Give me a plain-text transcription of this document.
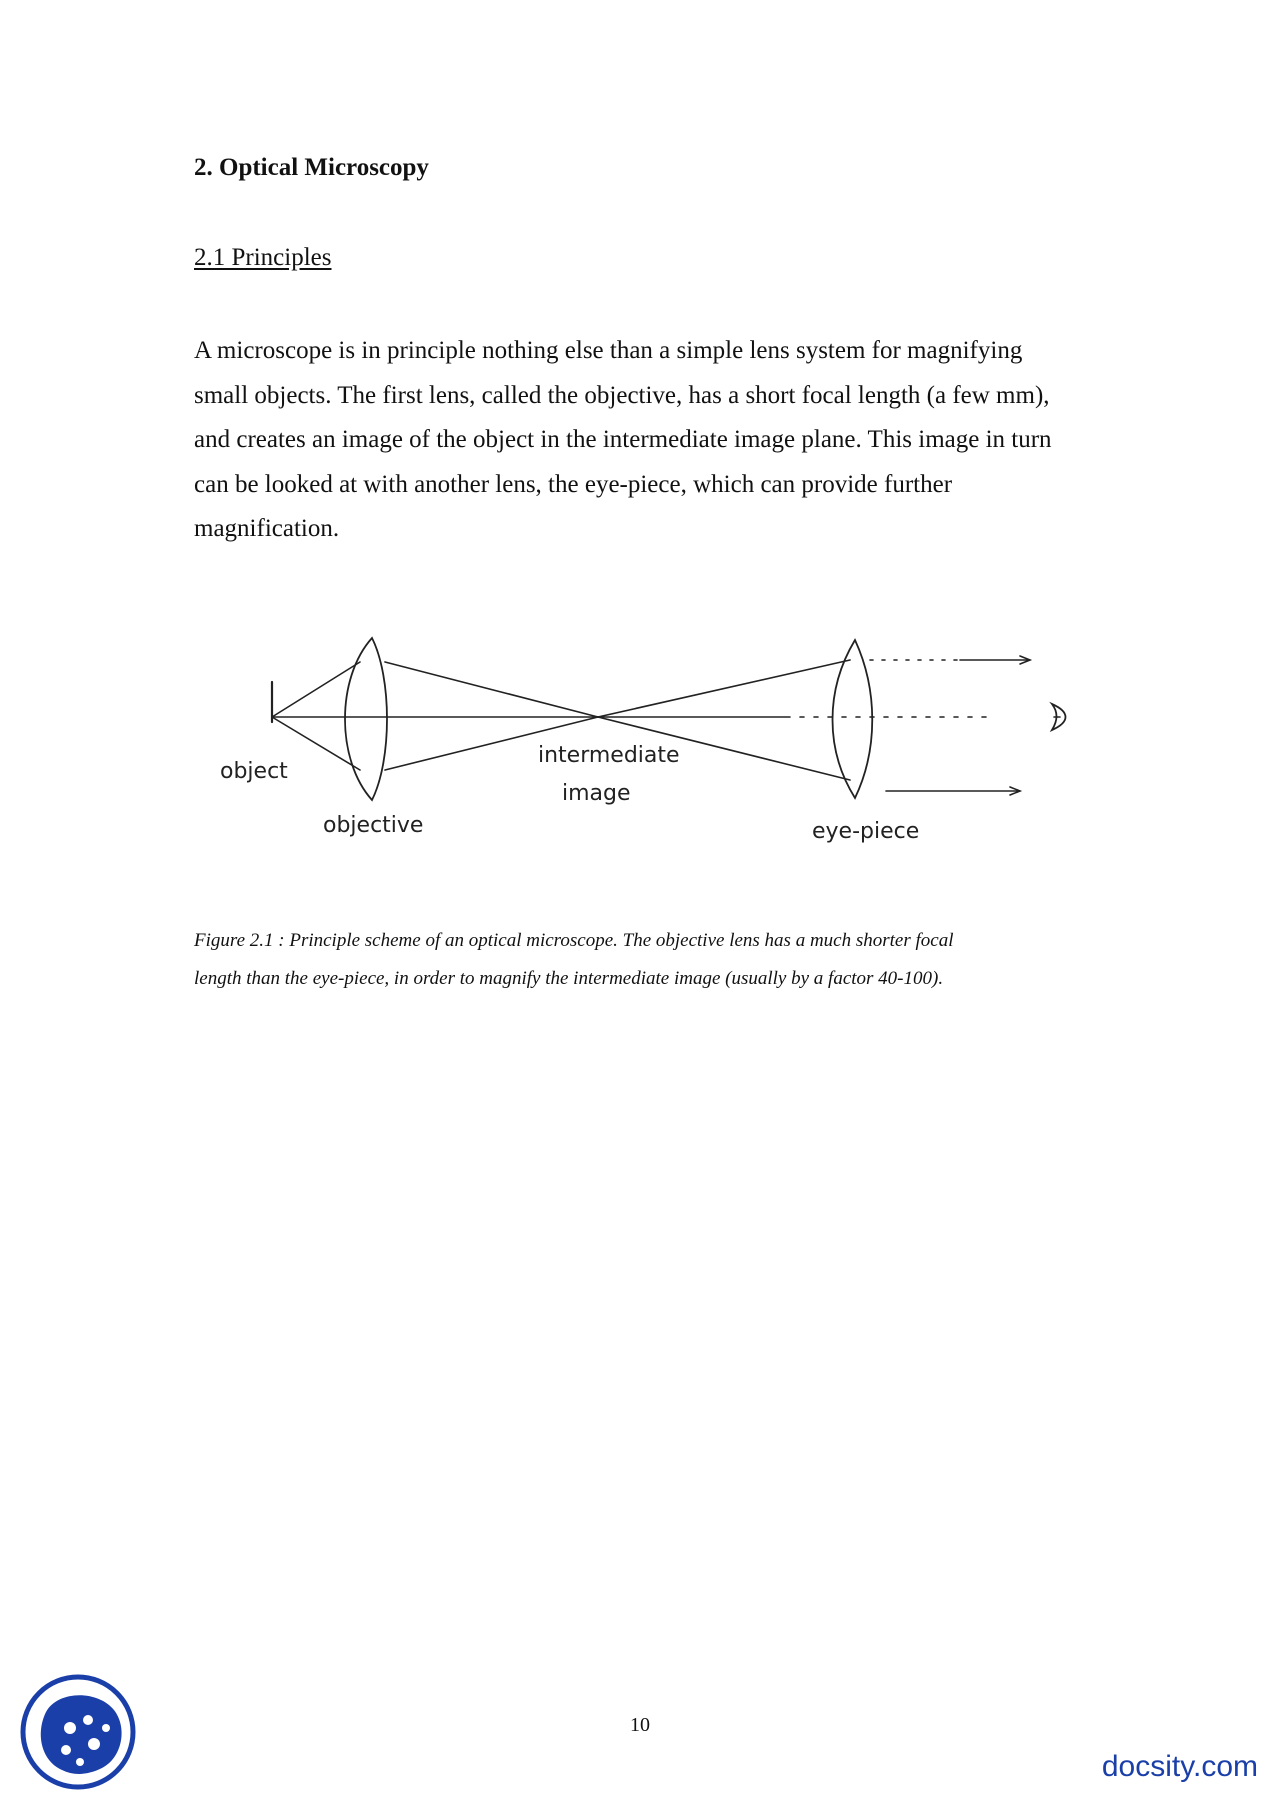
2. Optical Microscopy
2.1 Principles

A microscope is in principle nothing else than a simple lens system for magnifying
small objects. The first lens, called the objective, has a short focal length (a few mm),
and creates an image of the object in the intermediate image plane. This image in turn
can be looked at with another lens, the eye-piece, which can provide further
magnification.

object
objective
intermediate
image
eye-piece

Figure 2.1 : Principle scheme of an optical microscope. The objective lens has a much shorter focal
length than the eye-piece, in order to magnify the intermediate image (usually by a factor 40-100).

10
docsity.com
